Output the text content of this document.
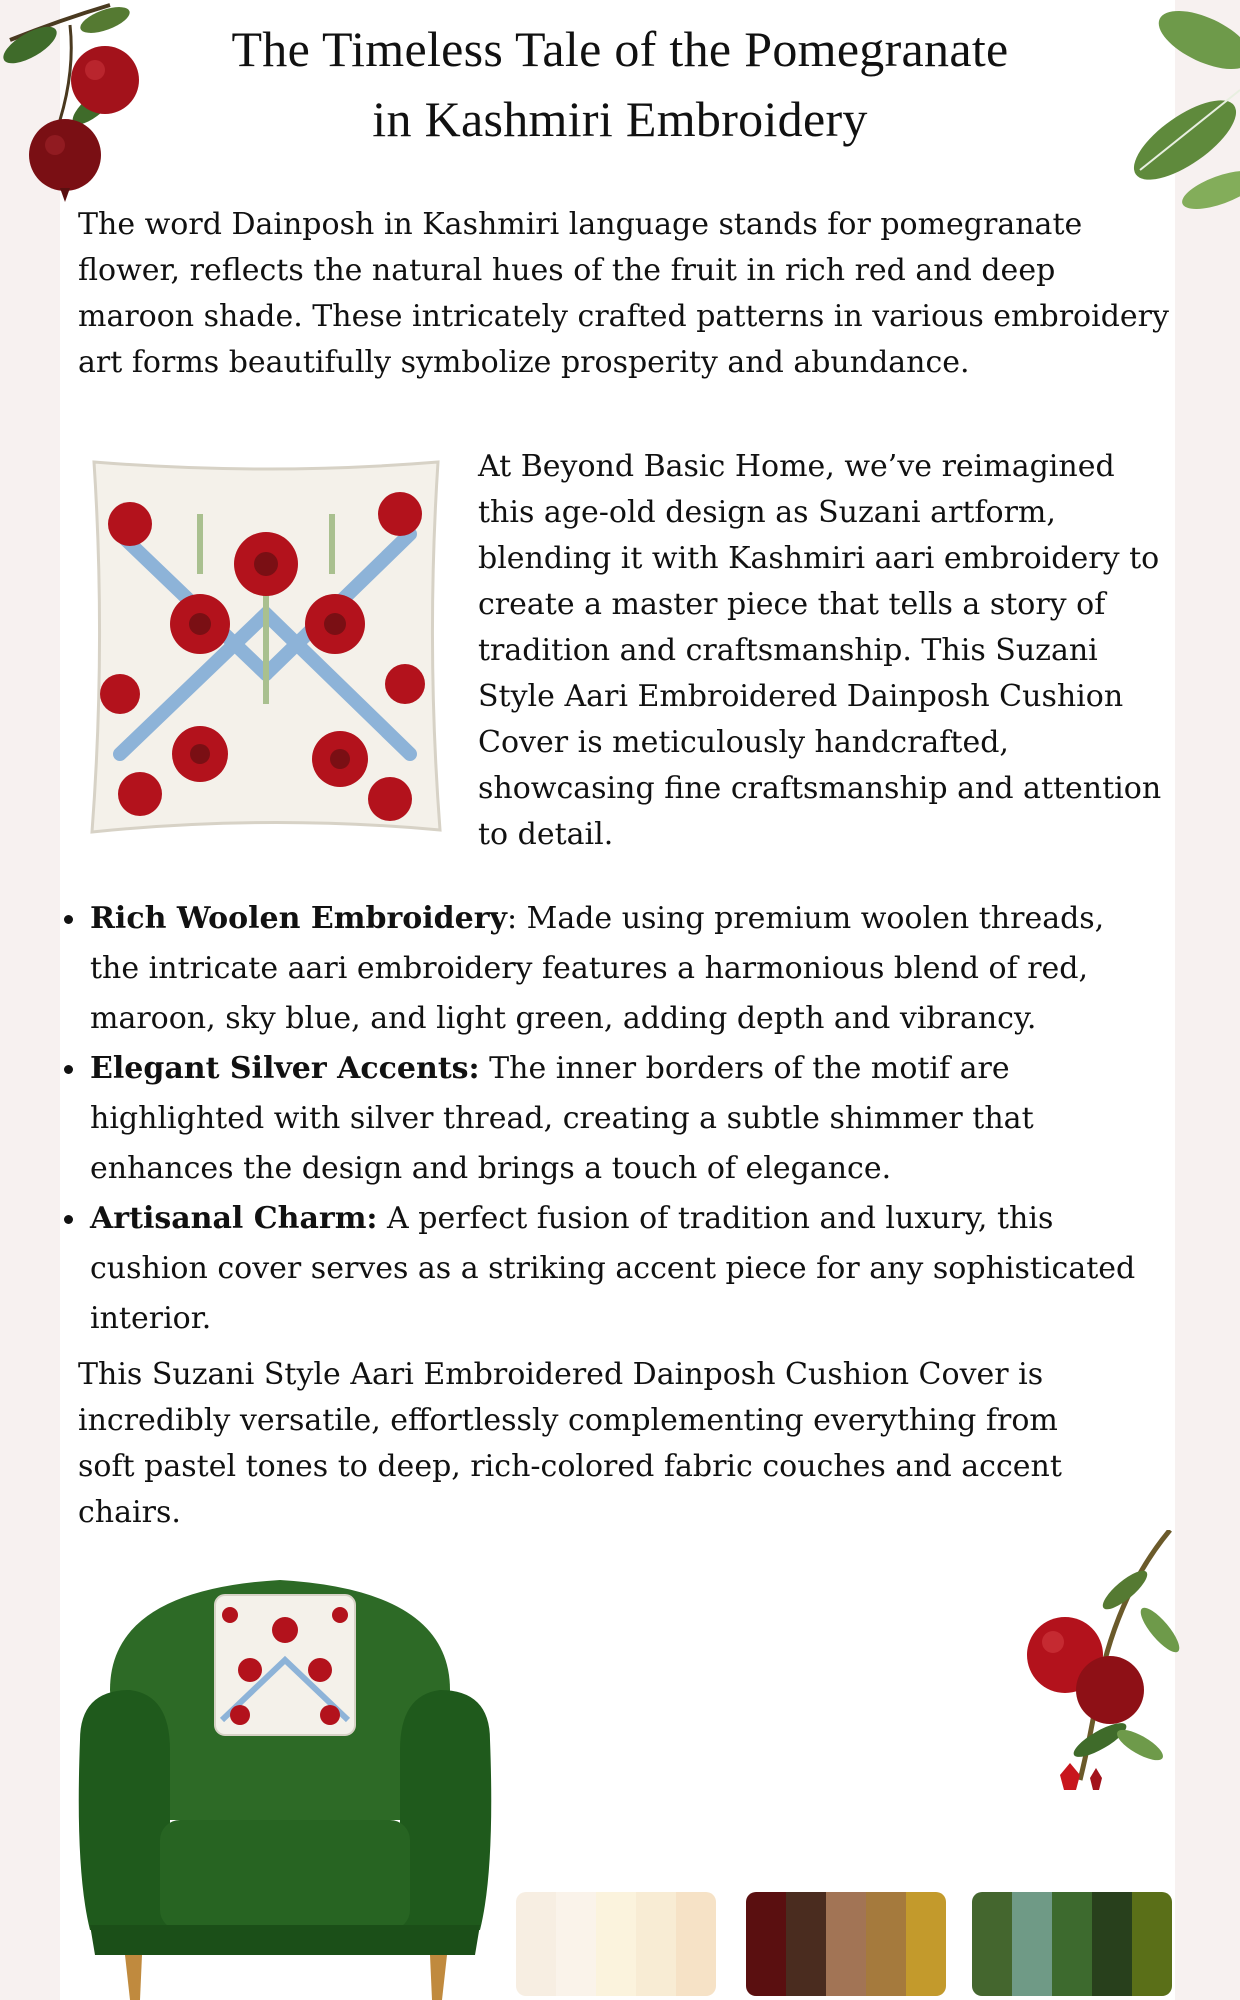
The Timeless Tale of the Pomegranate
in Kashmiri Embroidery

The word Dainposh in Kashmiri language stands for pomegranate flower, reflects the natural hues of the fruit in rich red and deep maroon shade. These intricately crafted patterns in various embroidery art forms beautifully symbolize prosperity and abundance.

At Beyond Basic Home, we’ve reimagined this age-old design as Suzani artform, blending it with Kashmiri aari embroidery to create a master piece that tells a story of tradition and craftsmanship. This Suzani Style Aari Embroidered Dainposh Cushion Cover is meticulously handcrafted, showcasing fine craftsmanship and attention to detail.

Rich Woolen Embroidery: Made using premium woolen threads, the intricate aari embroidery features a harmonious blend of red, maroon, sky blue, and light green, adding depth and vibrancy.
Elegant Silver Accents: The inner borders of the motif are highlighted with silver thread, creating a subtle shimmer that enhances the design and brings a touch of elegance.
Artisanal Charm: A perfect fusion of tradition and luxury, this cushion cover serves as a striking accent piece for any sophisticated interior.

This Suzani Style Aari Embroidered Dainposh Cushion Cover is incredibly versatile, effortlessly complementing everything from soft pastel tones to deep, rich-colored fabric couches and accent chairs.
